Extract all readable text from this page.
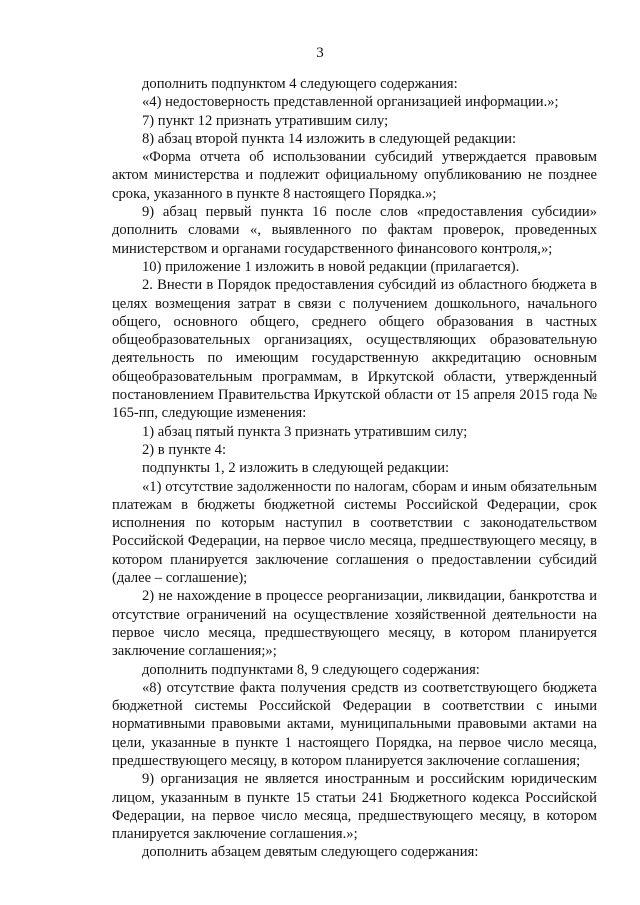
3

дополнить подпунктом 4 следующего содержания:

«4) недостоверность представленной организацией информации.»;

7) пункт 12 признать утратившим силу;

8) абзац второй пункта 14 изложить в следующей редакции:

«Форма отчета об использовании субсидий утверждается правовым актом министерства и подлежит официальному опубликованию не позднее срока, указанного в пункте 8 настоящего Порядка.»;

9) абзац первый пункта 16 после слов «предоставления субсидии» дополнить словами «, выявленного по фактам проверок, проведенных министерством и органами государственного финансового контроля,»;

10) приложение 1 изложить в новой редакции (прилагается).

2. Внести в Порядок предоставления субсидий из областного бюджета в целях возмещения затрат в связи с получением дошкольного, начального общего, основного общего, среднего общего образования в частных общеобразовательных организациях, осуществляющих образовательную деятельность по имеющим государственную аккредитацию основным общеобразовательным программам, в Иркутской области, утвержденный постановлением Правительства Иркутской области от 15 апреля 2015 года № 165-пп, следующие изменения:

1) абзац пятый пункта 3 признать утратившим силу;

2) в пункте 4:

подпункты 1, 2 изложить в следующей редакции:

«1) отсутствие задолженности по налогам, сборам и иным обязательным платежам в бюджеты бюджетной системы Российской Федерации, срок исполнения по которым наступил в соответствии с законодательством Российской Федерации, на первое число месяца, предшествующего месяцу, в котором планируется заключение соглашения о предоставлении субсидий (далее – соглашение);

2) не нахождение в процессе реорганизации, ликвидации, банкротства и отсутствие ограничений на осуществление хозяйственной деятельности на первое число месяца, предшествующего месяцу, в котором планируется заключение соглашения;»;

дополнить подпунктами 8, 9 следующего содержания:

«8) отсутствие факта получения средств из соответствующего бюджета бюджетной системы Российской Федерации в соответствии с иными нормативными правовыми актами, муниципальными правовыми актами на цели, указанные в пункте 1 настоящего Порядка, на первое число месяца, предшествующего месяцу, в котором планируется заключение соглашения;

9) организация не является иностранным и российским юридическим лицом, указанным в пункте 15 статьи 241 Бюджетного кодекса Российской Федерации, на первое число месяца, предшествующего месяцу, в котором планируется заключение соглашения.»;

дополнить абзацем девятым следующего содержания:
